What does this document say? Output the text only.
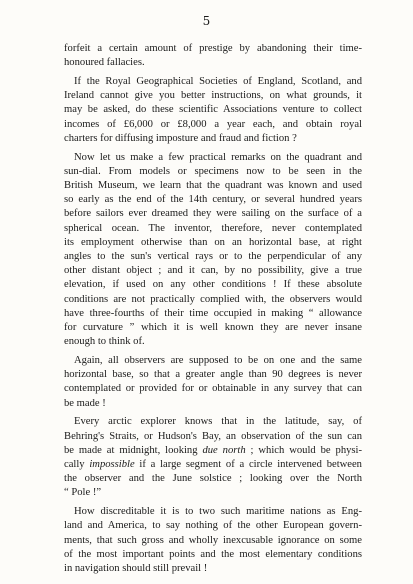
5
forfeit a certain amount of prestige by abandoning their time-
honoured fallacies.
If the Royal Geographical Societies of England, Scotland, and
Ireland cannot give you better instructions, on what grounds, it
may be asked, do these scientific Associations venture to collect
incomes of £6,000 or £8,000 a year each, and obtain royal
charters for diffusing imposture and fraud and fiction ?
Now let us make a few practical remarks on the quadrant and
sun-dial. From models or specimens now to be seen in the
British Museum, we learn that the quadrant was known and used
so early as the end of the 14th century, or several hundred years
before sailors ever dreamed they were sailing on the surface of a
spherical ocean. The inventor, therefore, never contemplated
its employment otherwise than on an horizontal base, at right
angles to the sun's vertical rays or to the perpendicular of any
other distant object ; and it can, by no possibility, give a true
elevation, if used on any other conditions ! If these absolute
conditions are not practically complied with, the observers would
have three-fourths of their time occupied in making “ allowance
for curvature ” which it is well known they are never insane
enough to think of.
Again, all observers are supposed to be on one and the same
horizontal base, so that a greater angle than 90 degrees is never
contemplated or provided for or obtainable in any survey that can
be made !
Every arctic explorer knows that in the latitude, say, of
Behring's Straits, or Hudson's Bay, an observation of the sun can
be made at midnight, looking due north ; which would be physi-
cally impossible if a large segment of a circle intervened between
the observer and the June solstice ; looking over the North
“ Pole !”
How discreditable it is to two such maritime nations as Eng-
land and America, to say nothing of the other European govern-
ments, that such gross and wholly inexcusable ignorance on some
of the most important points and the most elementary conditions
in navigation should still prevail !
